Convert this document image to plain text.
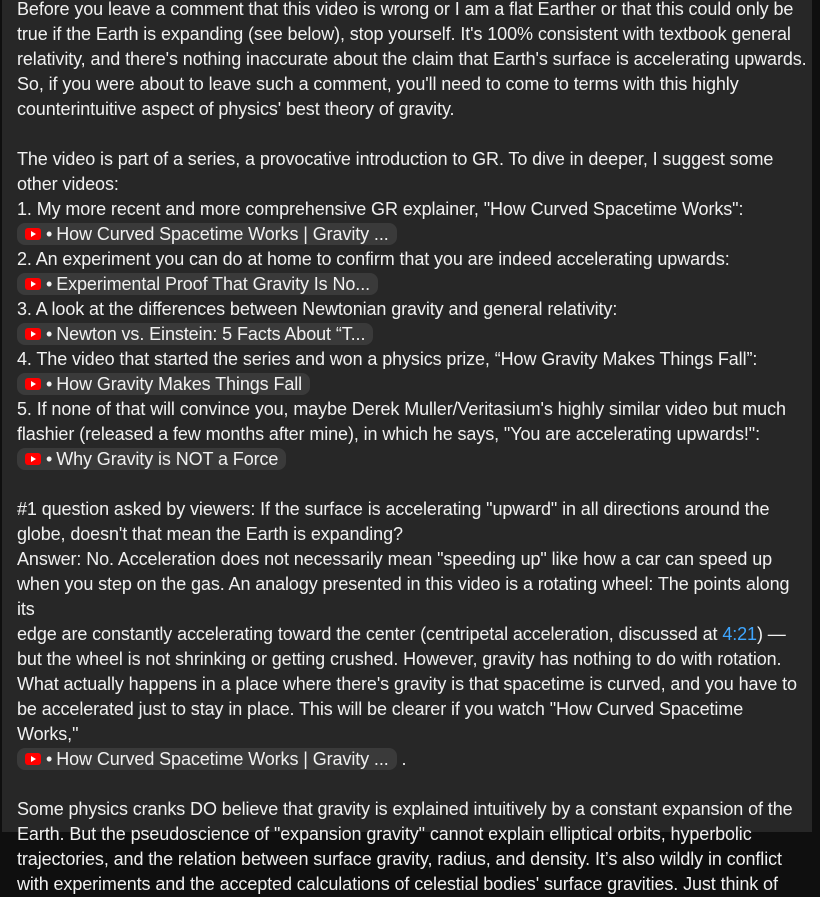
Before you leave a comment that this video is wrong or I am a flat Earther or that this could only be
true if the Earth is expanding (see below), stop yourself. It's 100% consistent with textbook general
relativity, and there's nothing inaccurate about the claim that Earth's surface is accelerating upwards.
So, if you were about to leave such a comment, you'll need to come to terms with this highly
counterintuitive aspect of physics' best theory of gravity.
The video is part of a series, a provocative introduction to GR. To dive in deeper, I suggest some
other videos:
1. My more recent and more comprehensive GR explainer, "How Curved Spacetime Works":
• How Curved Spacetime Works | Gravity ...
2. An experiment you can do at home to confirm that you are indeed accelerating upwards:
• Experimental Proof That Gravity Is No...
3. A look at the differences between Newtonian gravity and general relativity:
• Newton vs. Einstein: 5 Facts About “T...
4. The video that started the series and won a physics prize, “How Gravity Makes Things Fall”:
• How Gravity Makes Things Fall
5. If none of that will convince you, maybe Derek Muller/Veritasium's highly similar video but much
flashier (released a few months after mine), in which he says, "You are accelerating upwards!":
• Why Gravity is NOT a Force
#1 question asked by viewers: If the surface is accelerating "upward" in all directions around the
globe, doesn't that mean the Earth is expanding?
Answer: No. Acceleration does not necessarily mean "speeding up" like how a car can speed up
when you step on the gas. An analogy presented in this video is a rotating wheel: The points along its
edge are constantly accelerating toward the center (centripetal acceleration, discussed at 4:21) —
but the wheel is not shrinking or getting crushed. However, gravity has nothing to do with rotation.
What actually happens in a place where there's gravity is that spacetime is curved, and you have to
be accelerated just to stay in place. This will be clearer if you watch "How Curved Spacetime Works,"
• How Curved Spacetime Works | Gravity ... .
Some physics cranks DO believe that gravity is explained intuitively by a constant expansion of the
Earth. But the pseudoscience of "expansion gravity" cannot explain elliptical orbits, hyperbolic
trajectories, and the relation between surface gravity, radius, and density. It’s also wildly in conflict
with experiments and the accepted calculations of celestial bodies' surface gravities. Just think of
